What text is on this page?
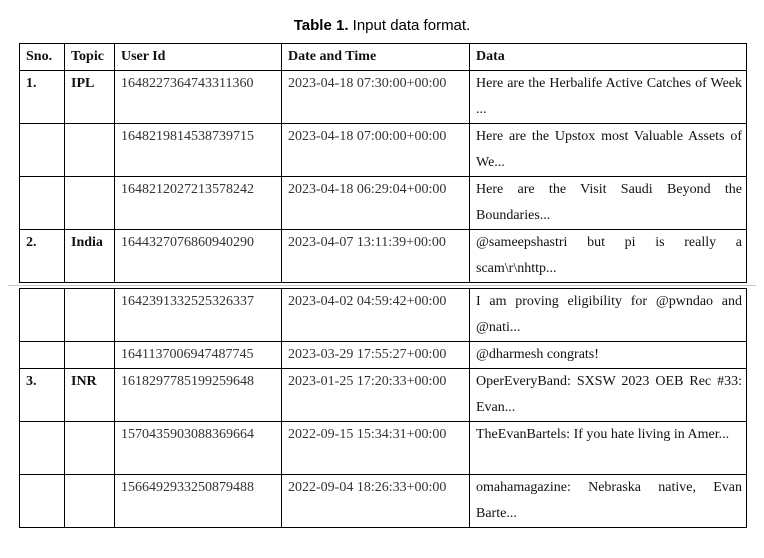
Table 1. Input data format.
Sno.	Topic	User Id	Date and Time	Data
1.	IPL	1648227364743311360	2023-04-18 07:30:00+00:00	Here are the Herbalife Active Catches of Week ...
		1648219814538739715	2023-04-18 07:00:00+00:00	Here are the Upstox most Valuable Assets of We...
		1648212027213578242	2023-04-18 06:29:04+00:00	Here are the Visit Saudi Beyond the Boundaries...
2.	India	1644327076860940290	2023-04-07 13:11:39+00:00	@sameepshastri but pi is really a scam\r\nhttp...
		1642391332525326337	2023-04-02 04:59:42+00:00	I am proving eligibility for @pwndao and @nati...
		1641137006947487745	2023-03-29 17:55:27+00:00	@dharmesh congrats!
3.	INR	1618297785199259648	2023-01-25 17:20:33+00:00	OperEveryBand: SXSW 2023 OEB Rec #33: Evan...
		1570435903088369664	2022-09-15 15:34:31+00:00	TheEvanBartels: If you hate living in Amer...
		1566492933250879488	2022-09-04 18:26:33+00:00	omahamagazine: Nebraska native, Evan Barte...
